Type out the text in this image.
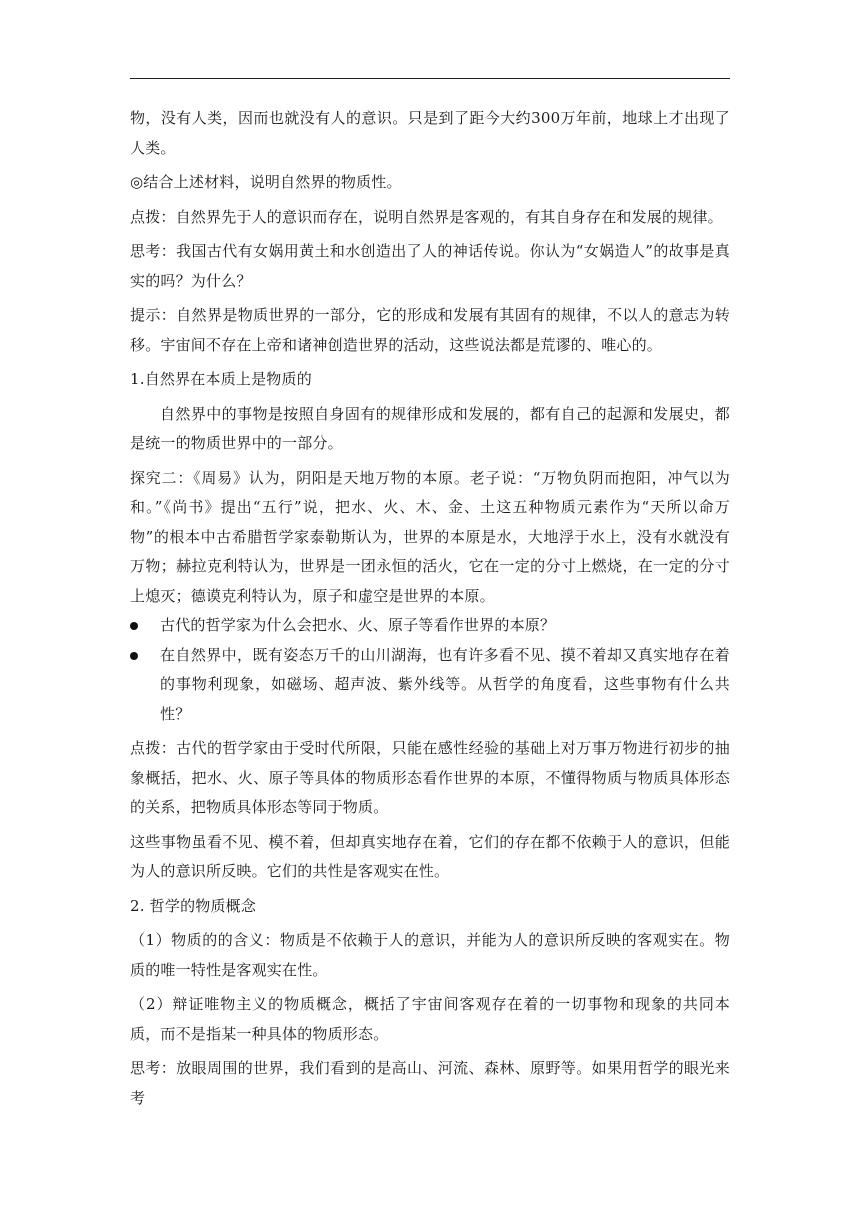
物，没有人类，因而也就没有人的意识。只是到了距今大约300万年前，地球上才出现了人类。

◎结合上述材料，说明自然界的物质性。

点拨：自然界先于人的意识而存在，说明自然界是客观的，有其自身存在和发展的规律。

思考：我国古代有女娲用黄土和水创造出了人的神话传说。你认为“女娲造人”的故事是真实的吗？为什么？

提示：自然界是物质世界的一部分，它的形成和发展有其固有的规律，不以人的意志为转移。宇宙间不存在上帝和诸神创造世界的活动，这些说法都是荒谬的、唯心的。

1.自然界在本质上是物质的

自然界中的事物是按照自身固有的规律形成和发展的，都有自己的起源和发展史，都是统一的物质世界中的一部分。

探究二：《周易》认为，阴阳是天地万物的本原。老子说：“万物负阴而抱阳，冲气以为和。”《尚书》提出“五行”说，把水、火、木、金、土这五种物质元素作为“天所以命万物”的根本中古希腊哲学家泰勒斯认为，世界的本原是水，大地浮于水上，没有水就没有万物；赫拉克利特认为，世界是一团永恒的活火，它在一定的分寸上燃烧，在一定的分寸上熄灭；德谟克利特认为，原子和虚空是世界的本原。

古代的哲学家为什么会把水、火、原子等看作世界的本原？
在自然界中，既有姿态万千的山川湖海，也有许多看不见、摸不着却又真实地存在着的事物利现象，如磁场、超声波、紫外线等。从哲学的角度看，这些事物有什么共性？

点拨：古代的哲学家由于受时代所限，只能在感性经验的基础上对万事万物进行初步的抽象概括，把水、火、原子等具体的物质形态看作世界的本原，不懂得物质与物质具体形态的关系，把物质具体形态等同于物质。

这些事物虽看不见、模不着，但却真实地存在着，它们的存在都不依赖于人的意识，但能为人的意识所反映。它们的共性是客观实在性。

2. 哲学的物质概念

（1）物质的的含义：物质是不依赖于人的意识，并能为人的意识所反映的客观实在。物质的唯一特性是客观实在性。

（2）辩证唯物主义的物质概念，概括了宇宙间客观存在着的一切事物和现象的共同本质，而不是指某一种具体的物质形态。

思考：放眼周围的世界，我们看到的是高山、河流、森林、原野等。如果用哲学的眼光来考
